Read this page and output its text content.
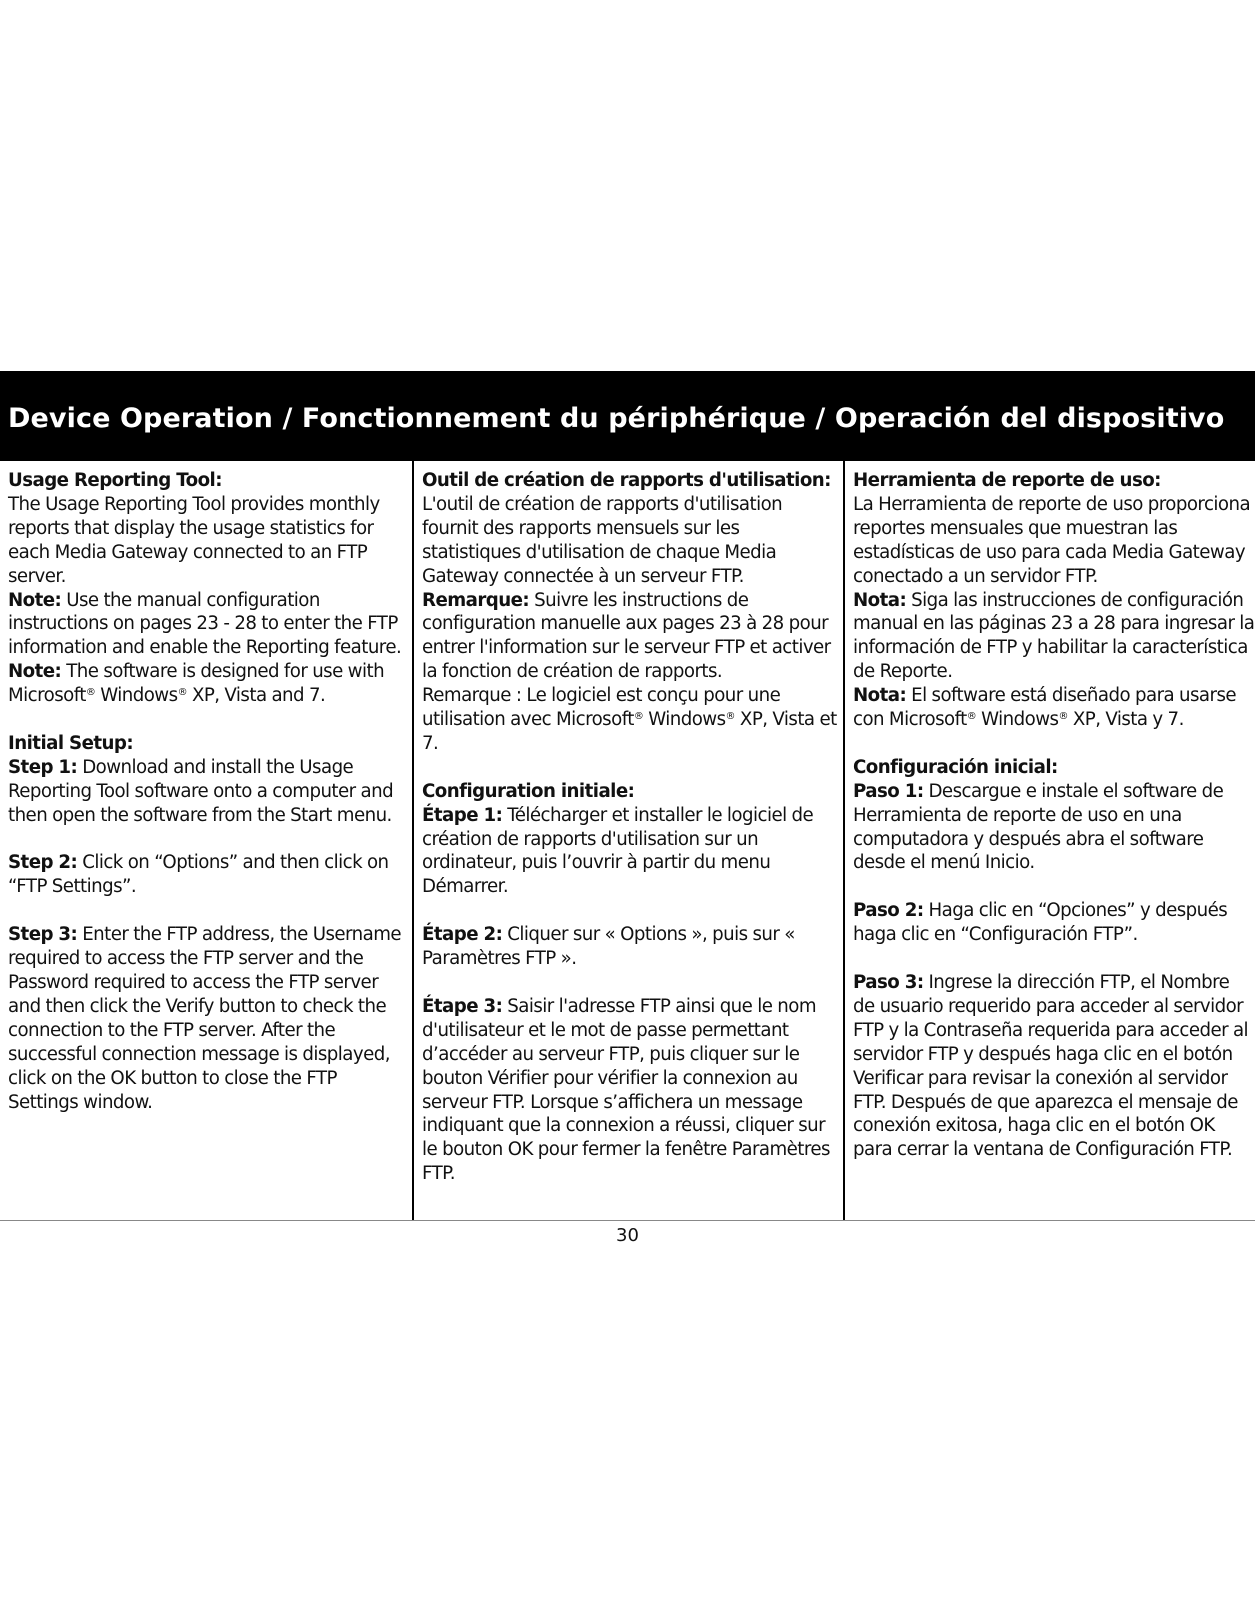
Device Operation / Fonctionnement du périphérique / Operación del dispositivo

Usage Reporting Tool:

The Usage Reporting Tool provides monthly reports that display the usage statistics for each Media Gateway connected to an FTP server.

Note: Use the manual configuration instructions on pages 23 - 28 to enter the FTP information and enable the Reporting feature.

Note: The software is designed for use with Microsoft® Windows® XP, Vista and 7.

Initial Setup:

Step 1: Download and install the Usage Reporting Tool software onto a computer and then open the software from the Start menu.

Step 2: Click on “Options” and then click on “FTP Settings”.

Step 3: Enter the FTP address, the Username required to access the FTP server and the Password required to access the FTP server and then click the Verify button to check the connection to the FTP server. After the successful connection message is displayed, click on the OK button to close the FTP Settings window.

Outil de création de rapports d'utilisation:

L'outil de création de rapports d'utilisation fournit des rapports mensuels sur les statistiques d'utilisation de chaque Media Gateway connectée à un serveur FTP.

Remarque: Suivre les instructions de configuration manuelle aux pages 23 à 28 pour entrer l'information sur le serveur FTP et activer la fonction de création de rapports.

Remarque : Le logiciel est conçu pour une utilisation avec Microsoft® Windows® XP, Vista et 7.

Configuration initiale:

Étape 1: Télécharger et installer le logiciel de création de rapports d'utilisation sur un ordinateur, puis l’ouvrir à partir du menu Démarrer.

Étape 2: Cliquer sur « Options », puis sur « Paramètres FTP ».

Étape 3: Saisir l'adresse FTP ainsi que le nom d'utilisateur et le mot de passe permettant d’accéder au serveur FTP, puis cliquer sur le bouton Vérifier pour vérifier la connexion au serveur FTP. Lorsque s’affichera un message indiquant que la connexion a réussi, cliquer sur le bouton OK pour fermer la fenêtre Paramètres FTP.

Herramienta de reporte de uso:

La Herramienta de reporte de uso proporciona reportes mensuales que muestran las estadísticas de uso para cada Media Gateway conectado a un servidor FTP.

Nota: Siga las instrucciones de configuración manual en las páginas 23 a 28 para ingresar la información de FTP y habilitar la característica de Reporte.

Nota: El software está diseñado para usarse con Microsoft® Windows® XP, Vista y 7.

Configuración inicial:

Paso 1: Descargue e instale el software de Herramienta de reporte de uso en una computadora y después abra el software desde el menú Inicio.

Paso 2: Haga clic en “Opciones” y después haga clic en “Configuración FTP”.

Paso 3: Ingrese la dirección FTP, el Nombre de usuario requerido para acceder al servidor FTP y la Contraseña requerida para acceder al servidor FTP y después haga clic en el botón Verificar para revisar la conexión al servidor FTP. Después de que aparezca el mensaje de conexión exitosa, haga clic en el botón OK para cerrar la ventana de Configuración FTP.

30
